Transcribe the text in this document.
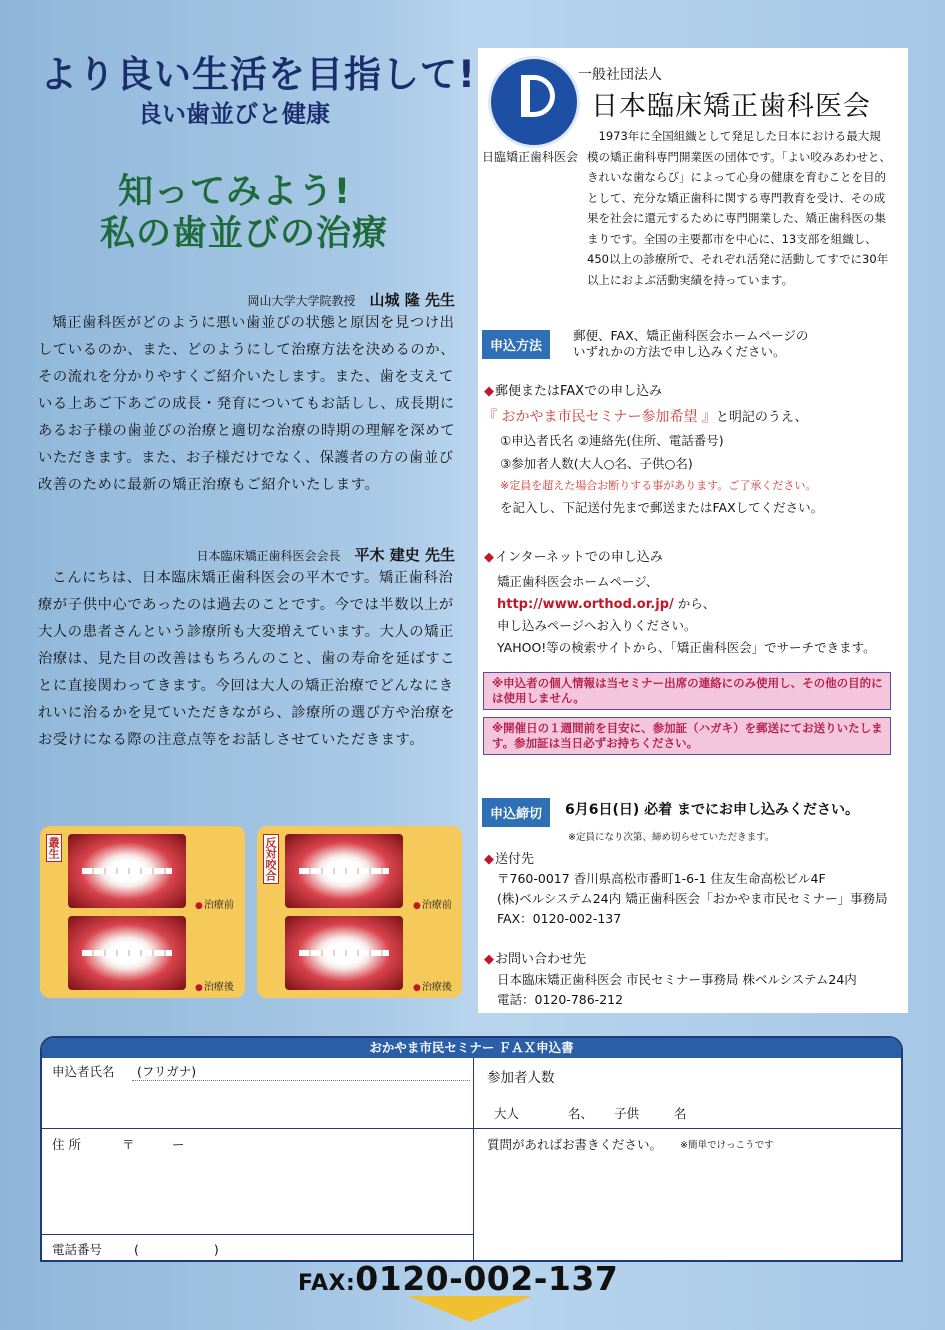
より良い生活を目指して!
良い歯並びと健康
知ってみよう!
私の歯並びの治療
岡山大学大学院教授 山城 隆 先生
矯正歯科医がどのように悪い歯並びの状態と原因を見つけ出しているのか、また、どのようにして治療方法を決めるのか、その流れを分かりやすくご紹介いたします。また、歯を支えている上あご下あごの成長・発育についてもお話しし、成長期にあるお子様の歯並びの治療と適切な治療の時期の理解を深めていただきます。また、お子様だけでなく、保護者の方の歯並び改善のために最新の矯正治療もご紹介いたします。
日本臨床矯正歯科医会会長 平木 建史 先生
こんにちは、日本臨床矯正歯科医会の平木です。矯正歯科治療が子供中心であったのは過去のことです。今では半数以上が大人の患者さんという診療所も大変増えています。大人の矯正治療は、見た目の改善はもちろんのこと、歯の寿命を延ばすことに直接関わってきます。今回は大人の矯正治療でどんなにきれいに治るかを見ていただきながら、診療所の選び方や治療をお受けになる際の注意点等をお話しさせていただきます。
叢生
● 治療前
● 治療後
反対咬合
● 治療前
● 治療後
一般社団法人
日本臨床矯正歯科医会
日臨矯正歯科医会
1973年に全国組織として発足した日本における最大規模の矯正歯科専門開業医の団体です。「よい咬みあわせと、きれいな歯ならび」によって心身の健康を育むことを目的として、充分な矯正歯科に関する専門教育を受け、その成果を社会に還元するために専門開業した、矯正歯科医の集まりです。全国の主要都市を中心に、13支部を組織し、450以上の診療所で、それぞれ活発に活動してすでに30年以上におよぶ活動実績を持っています。
申込方法
郵便、FAX、矯正歯科医会ホームページの
いずれかの方法で申し込みください。
◆ 郵便またはFAXでの申し込み
『 おかやま市民セミナー参加希望 』と明記のうえ、
①申込者氏名 ②連絡先(住所、電話番号)
③参加者人数(大人○名、子供○名)
※定員を超えた場合お断りする事があります。ご了承ください。
を記入し、下記送付先まで郵送またはFAXしてください。
◆ インターネットでの申し込み
矯正歯科医会ホームページ、
http://www.orthod.or.jp/ から、
申し込みページへお入りください。
YAHOO!等の検索サイトから、「矯正歯科医会」でサーチできます。
※申込者の個人情報は当セミナー出席の連絡にのみ使用し、その他の目的には使用しません。
※開催日の１週間前を目安に、参加証（ハガキ）を郵送にてお送りいたします。参加証は当日必ずお持ちください。
申込締切	6月6日(日) 必着 までにお申し込みください。
※定員になり次第、締め切らせていただきます。
◆ 送付先
〒760-0017 香川県高松市番町1-6-1 住友生命高松ビル4F
(株)ベルシステム24内 矯正歯科医会「おかやま市民セミナー」事務局
FAX：0120-002-137
◆ お問い合わせ先
日本臨床矯正歯科医会 市民セミナー事務局 株ベルシステム24内
電話：0120-786-212
おかやま市民セミナー ＦＡＸ申込書
申込者氏名 (フリガナ)	参加者人数
大人	名、 子供	名
住 所	〒　　　ー	質問があればお書きください。 ※簡単でけっこうです
電話番号	(　　　　　　)
FAX:0120-002-137
